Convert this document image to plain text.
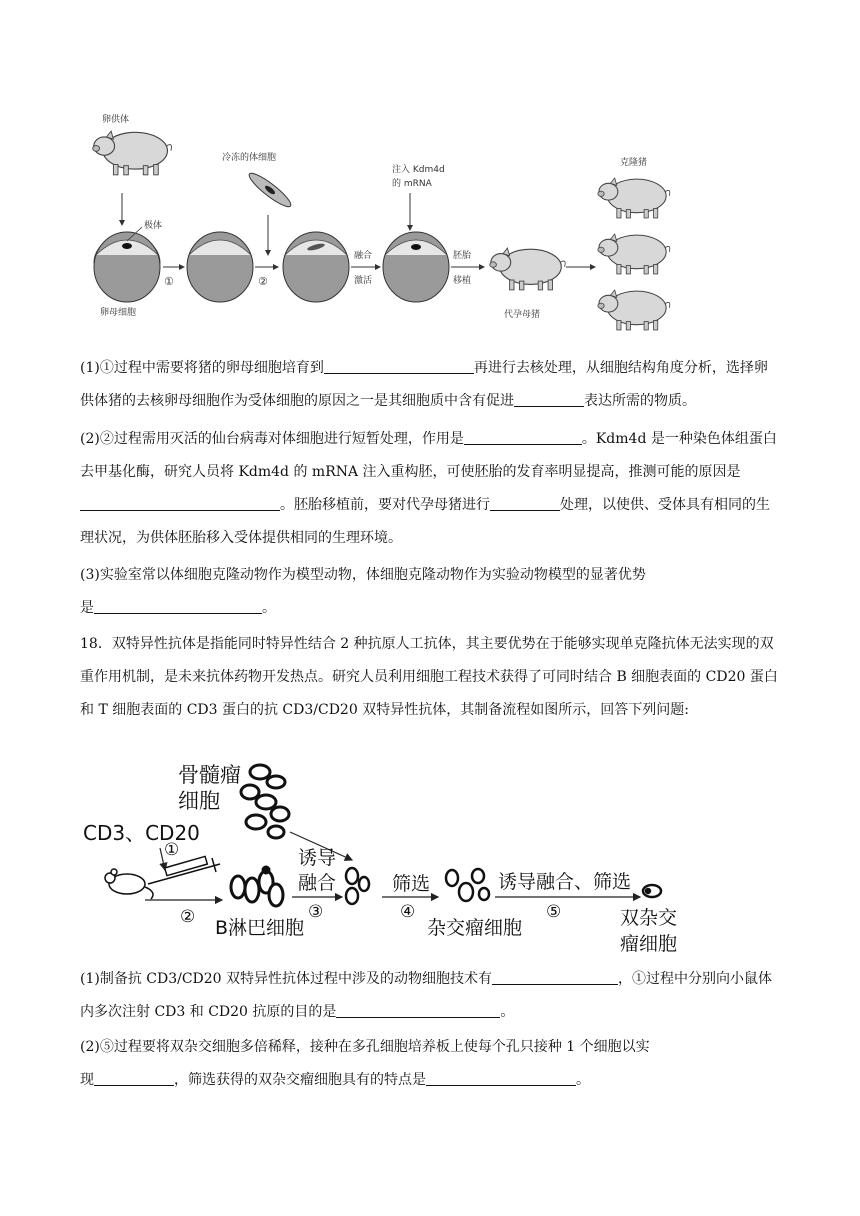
卵供体
极体
卵母细胞
①
冷冻的体细胞
②
融合
激活
注入 Kdm4d
的 mRNA
胚胎
移植
代孕母猪
克隆猪

(1)①过程中需要将猪的卵母细胞培育到	再进行去核处理，从细胞结构角度分析，选择卵供体猪的去核卵母细胞作为受体细胞的原因之一是其细胞质中含有促进	表达所需的物质。

(2)②过程需用灭活的仙台病毒对体细胞进行短暂处理，作用是	。Kdm4d 是一种染色体组蛋白去甲基化酶，研究人员将 Kdm4d 的 mRNA 注入重构胚，可使胚胎的发育率明显提高，推测可能的原因是。胚胎移植前，要对代孕母猪进行	处理，以使供、受体具有相同的生理状况，为供体胚胎移入受体提供相同的生理环境。

(3)实验室常以体细胞克隆动物作为模型动物，体细胞克隆动物作为实验动物模型的显著优势
是	。

18．双特异性抗体是指能同时特异性结合 2 种抗原人工抗体，其主要优势在于能够实现单克隆抗体无法实现的双重作用机制，是未来抗体药物开发热点。研究人员利用细胞工程技术获得了可同时结合 B 细胞表面的 CD20 蛋白和 T 细胞表面的 CD3 蛋白的抗 CD3/CD20 双特异性抗体，其制备流程如图所示，回答下列问题:

骨髓瘤
细胞
CD3、CD20
①
② B淋巴细胞
诱导
融合
③
筛选
④
杂交瘤细胞
诱导融合、筛选
⑤	双杂交
瘤细胞

(1)制备抗 CD3/CD20 双特异性抗体过程中涉及的动物细胞技术有	，①过程中分别向小鼠体内多次注射 CD3 和 CD20 抗原的目的是	。

(2)⑤过程要将双杂交细胞多倍稀释，接种在多孔细胞培养板上使每个孔只接种 1 个细胞以实
现	，筛选获得的双杂交瘤细胞具有的特点是	。
